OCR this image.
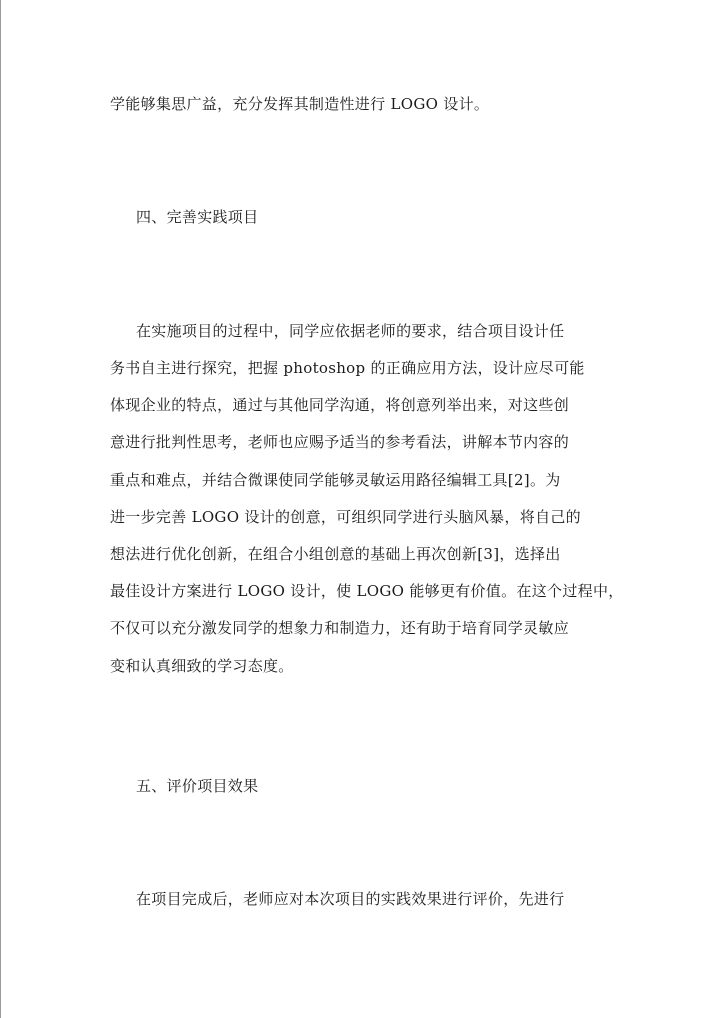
学能够集思广益，充分发挥其制造性进行 LOGO 设计。
四、完善实践项目
在实施项目的过程中，同学应依据老师的要求，结合项目设计任
务书自主进行探究，把握 photoshop 的正确应用方法，设计应尽可能
体现企业的特点，通过与其他同学沟通，将创意列举出来，对这些创
意进行批判性思考，老师也应赐予适当的参考看法，讲解本节内容的
重点和难点，并结合微课使同学能够灵敏运用路径编辑工具[2]。为
进一步完善 LOGO 设计的创意，可组织同学进行头脑风暴，将自己的
想法进行优化创新，在组合小组创意的基础上再次创新[3]，选择出
最佳设计方案进行 LOGO 设计，使 LOGO 能够更有价值。在这个过程中，
不仅可以充分激发同学的想象力和制造力，还有助于培育同学灵敏应
变和认真细致的学习态度。
五、评价项目效果
在项目完成后，老师应对本次项目的实践效果进行评价，先进行
